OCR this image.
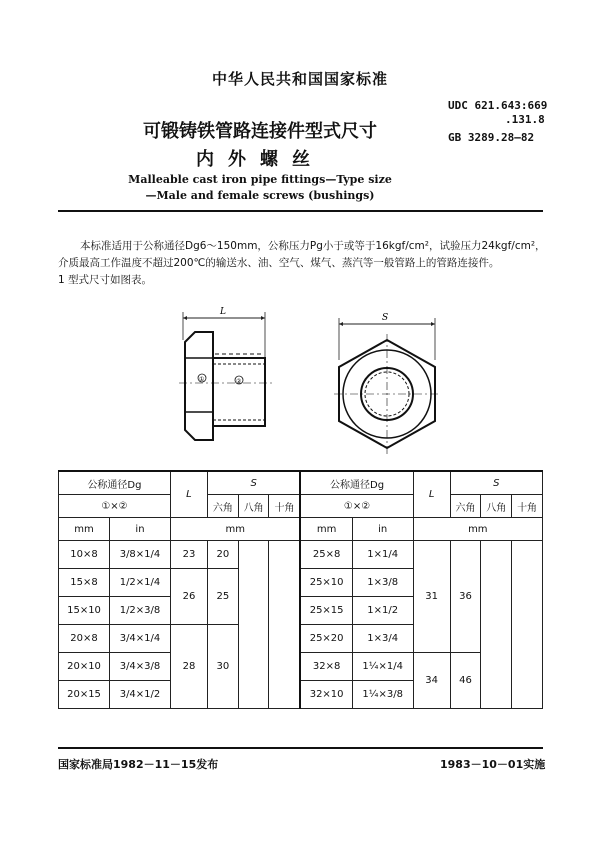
中华人民共和国国家标准
可锻铸铁管路连接件型式尺寸
内外螺丝
UDC 621.643:669
.131.8
GB 3289.28—82
Malleable cast iron pipe fittings—Type size
—Male and female screws (bushings)
本标准适用于公称通径Dg6～150mm，公称压力Pg小于或等于16kgf/cm²，试验压力24kgf/cm²，介质最高工作温度不超过200℃的输送水、油、空气、煤气、蒸汽等一般管路上的管路连接件。
1 型式尺寸如图表。
L
①	②
S
公称通径Dg		L	S			公称通径Dg		L	S		
①×②			六角	八角	十角	①×②			六角	八角	十角
mm	in	mm				mm	in	mm			
10×8	3/8×1/4	23	20			25×8	1×1/4	31	36		
15×8	1/2×1/4	26	25			25×10	1×3/8				
15×10	1/2×3/8					25×15	1×1/2				
20×8	3/4×1/4	28	30			25×20	1×3/4				
20×10	3/4×3/8					32×8	1¼×1/4	34	46		
20×15	3/4×1/2					32×10	1¼×3/8				
国家标准局1982－11－15发布	1983－10－01实施
